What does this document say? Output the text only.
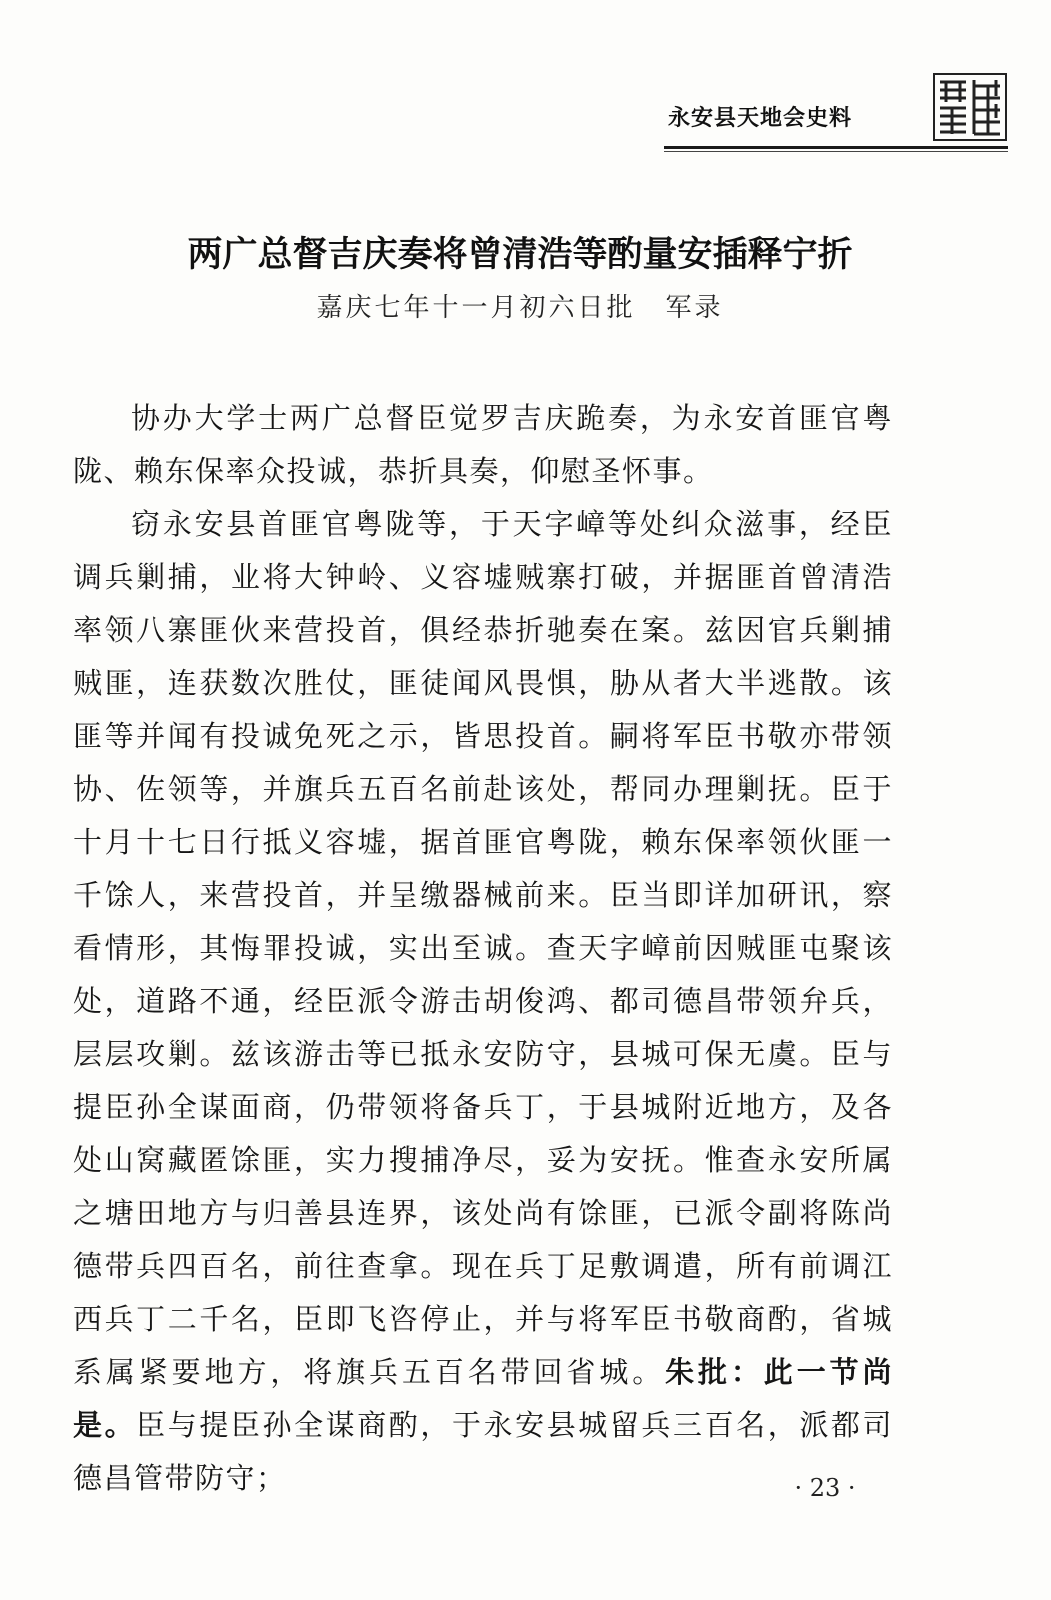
永安县天地会史料
两广总督吉庆奏将曾清浩等酌量安插释宁折
嘉庆七年十一月初六日批 军录

协办大学士两广总督臣觉罗吉庆跪奏，为永安首匪官粤陇、赖东保率众投诚，恭折具奏，仰慰圣怀事。

窃永安县首匪官粤陇等，于天字嶂等处纠众滋事，经臣调兵剿捕，业将大钟岭、义容墟贼寨打破，并据匪首曾清浩率领八寨匪伙来营投首，俱经恭折驰奏在案。兹因官兵剿捕贼匪，连获数次胜仗，匪徒闻风畏惧，胁从者大半逃散。该匪等并闻有投诚免死之示，皆思投首。嗣将军臣书敬亦带领协、佐领等，并旗兵五百名前赴该处，帮同办理剿抚。臣于十月十七日行抵义容墟，据首匪官粤陇，赖东保率领伙匪一千馀人，来营投首，并呈缴器械前来。臣当即详加研讯，察看情形，其悔罪投诚，实出至诚。查天字嶂前因贼匪屯聚该处，道路不通，经臣派令游击胡俊鸿、都司德昌带领弁兵，层层攻剿。兹该游击等已抵永安防守，县城可保无虞。臣与提臣孙全谋面商，仍带领将备兵丁，于县城附近地方，及各处山窝藏匿馀匪，实力搜捕净尽，妥为安抚。惟查永安所属之塘田地方与归善县连界，该处尚有馀匪，已派令副将陈尚德带兵四百名，前往查拿。现在兵丁足敷调遣，所有前调江西兵丁二千名，臣即飞咨停止，并与将军臣书敬商酌，省城系属紧要地方，将旗兵五百名带回省城。朱批：此一节尚是。臣与提臣孙全谋商酌，于永安县城留兵三百名，派都司德昌管带防守；	· 23 ·
